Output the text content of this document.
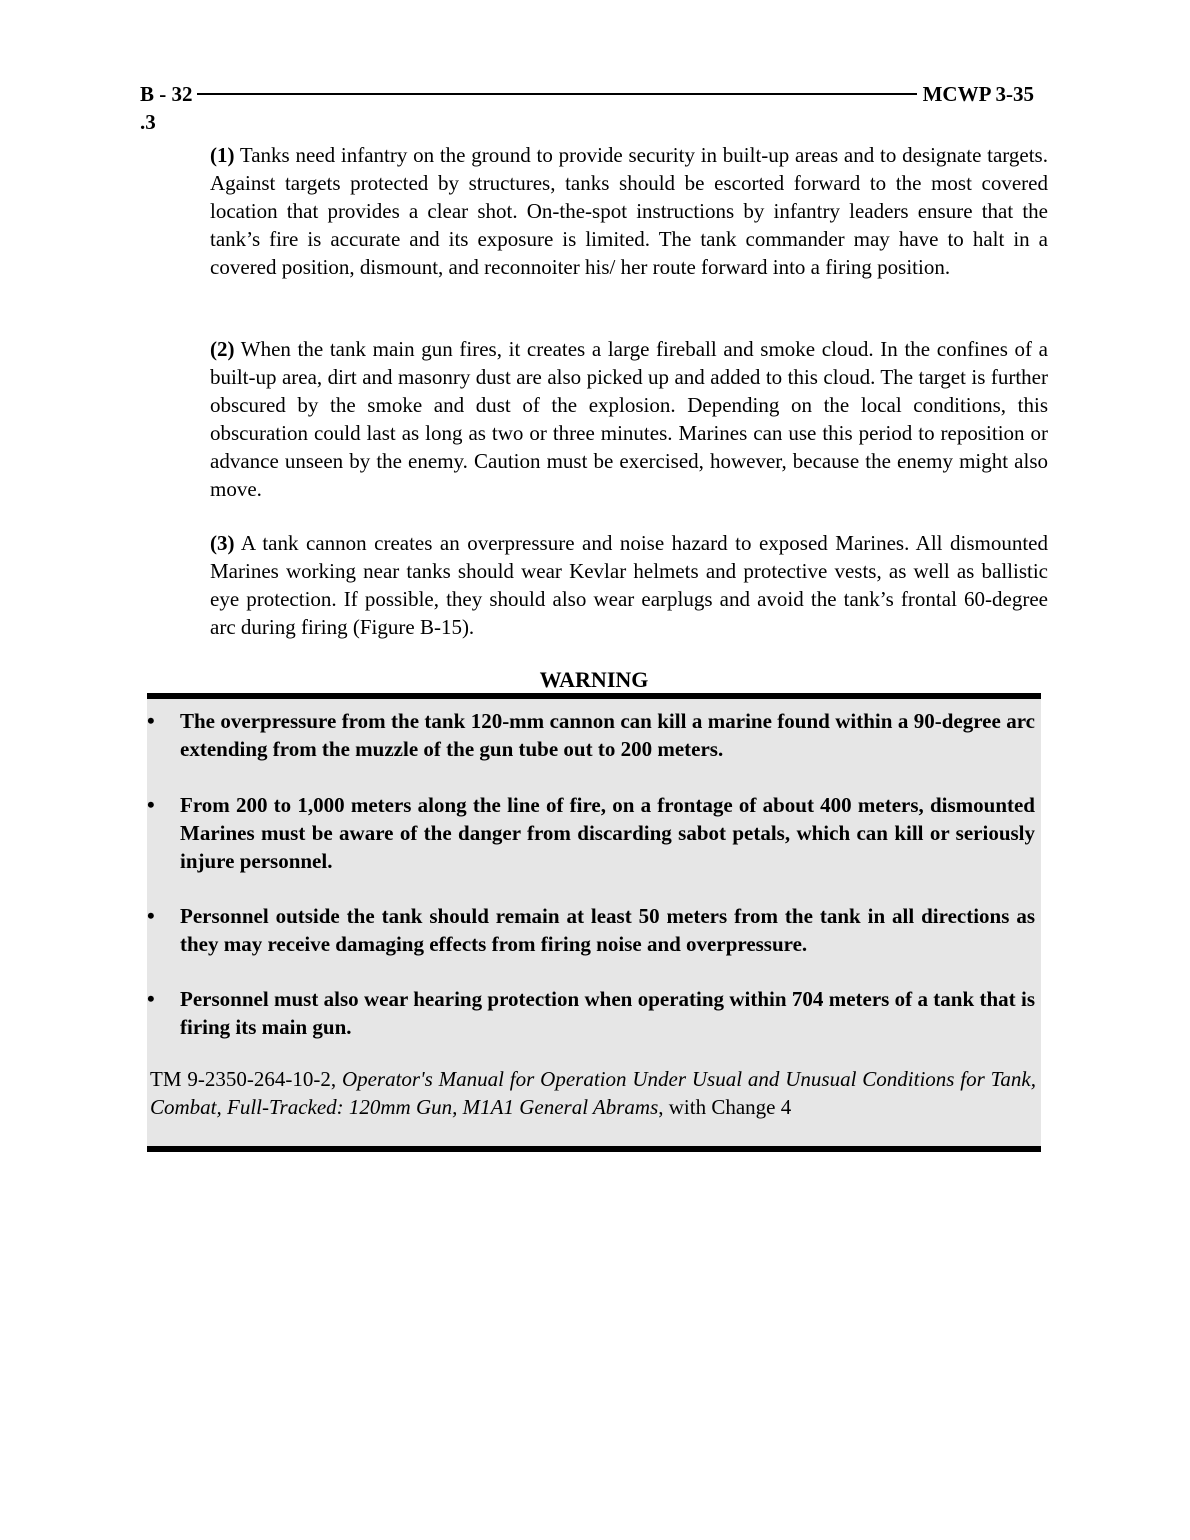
B - 32	MCWP 3-35
.3
(1) Tanks need infantry on the ground to provide security in built-up areas and to designate targets. Against targets protected by structures, tanks should be escorted forward to the most covered location that provides a clear shot. On-the-spot instructions by infantry leaders ensure that the tank’s fire is accurate and its exposure is limited. The tank commander may have to halt in a covered position, dismount, and reconnoiter his/ her route forward into a firing position.
(2) When the tank main gun fires, it creates a large fireball and smoke cloud. In the confines of a built-up area, dirt and masonry dust are also picked up and added to this cloud. The target is further obscured by the smoke and dust of the explosion. Depending on the local conditions, this obscuration could last as long as two or three minutes. Marines can use this period to reposition or advance unseen by the enemy. Caution must be exercised, however, because the enemy might also move.
(3) A tank cannon creates an overpressure and noise hazard to exposed Marines. All dismounted Marines working near tanks should wear Kevlar helmets and protective vests, as well as ballistic eye protection. If possible, they should also wear earplugs and avoid the tank’s frontal 60-degree arc during firing (Figure B-15).
WARNING
• The overpressure from the tank 120-mm cannon can kill a marine found within a 90-degree arc extending from the muzzle of the gun tube out to 200 meters.
• From 200 to 1,000 meters along the line of fire, on a frontage of about 400 meters, dismounted Marines must be aware of the danger from discarding sabot petals, which can kill or seriously injure personnel.
• Personnel outside the tank should remain at least 50 meters from the tank in all directions as they may receive damaging effects from firing noise and overpressure.
• Personnel must also wear hearing protection when operating within 704 meters of a tank that is firing its main gun.
TM 9-2350-264-10-2, Operator's Manual for Operation Under Usual and Unusual Conditions for Tank, Combat, Full-Tracked: 120mm Gun, M1A1 General Abrams, with Change 4
